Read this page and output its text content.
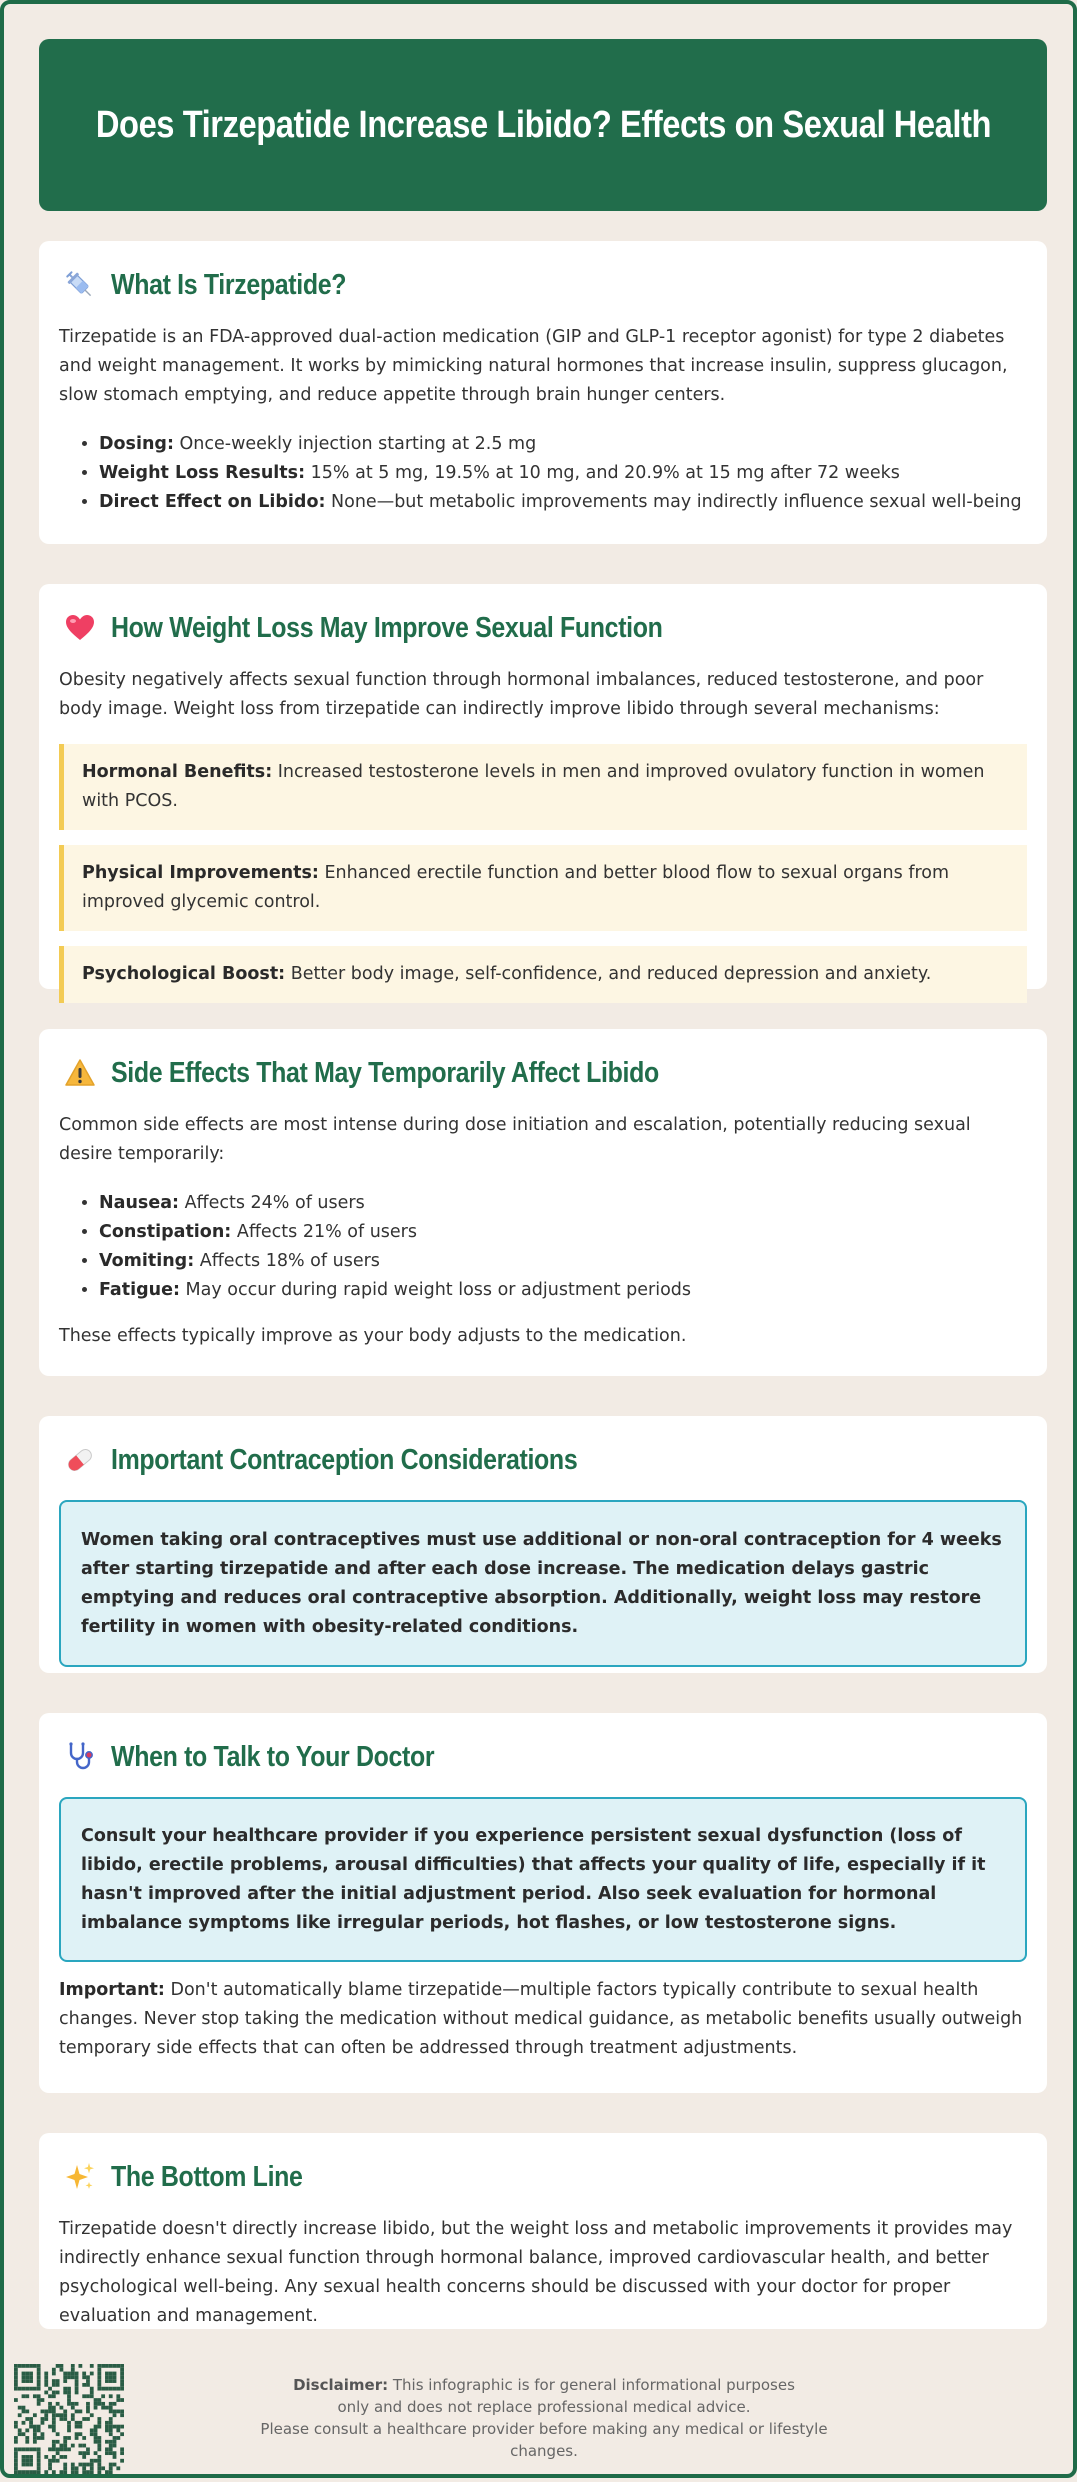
Does Tirzepatide Increase Libido? Effects on Sexual Health
What Is Tirzepatide?

Tirzepatide is an FDA-approved dual-action medication (GIP and GLP-1 receptor agonist) for type 2 diabetes and weight management. It works by mimicking natural hormones that increase insulin, suppress glucagon, slow stomach emptying, and reduce appetite through brain hunger centers.

• Dosing: Once-weekly injection starting at 2.5 mg
• Weight Loss Results: 15% at 5 mg, 19.5% at 10 mg, and 20.9% at 15 mg after 72 weeks
• Direct Effect on Libido: None—but metabolic improvements may indirectly influence sexual well-being
How Weight Loss May Improve Sexual Function

Obesity negatively affects sexual function through hormonal imbalances, reduced testosterone, and poor body image. Weight loss from tirzepatide can indirectly improve libido through several mechanisms:

Hormonal Benefits: Increased testosterone levels in men and improved ovulatory function in women with PCOS.
Physical Improvements: Enhanced erectile function and better blood flow to sexual organs from improved glycemic control.
Psychological Boost: Better body image, self-confidence, and reduced depression and anxiety.
Side Effects That May Temporarily Affect Libido

Common side effects are most intense during dose initiation and escalation, potentially reducing sexual desire temporarily:

• Nausea: Affects 24% of users
• Constipation: Affects 21% of users
• Vomiting: Affects 18% of users
• Fatigue: May occur during rapid weight loss or adjustment periods

These effects typically improve as your body adjusts to the medication.

Important Contraception Considerations
Women taking oral contraceptives must use additional or non-oral contraception for 4 weeks after starting tirzepatide and after each dose increase. The medication delays gastric emptying and reduces oral contraceptive absorption. Additionally, weight loss may restore fertility in women with obesity-related conditions.
When to Talk to Your Doctor
Consult your healthcare provider if you experience persistent sexual dysfunction (loss of libido, erectile problems, arousal difficulties) that affects your quality of life, especially if it hasn't improved after the initial adjustment period. Also seek evaluation for hormonal imbalance symptoms like irregular periods, hot flashes, or low testosterone signs.

Important: Don't automatically blame tirzepatide—multiple factors typically contribute to sexual health changes. Never stop taking the medication without medical guidance, as metabolic benefits usually outweigh temporary side effects that can often be addressed through treatment adjustments.

The Bottom Line

Tirzepatide doesn't directly increase libido, but the weight loss and metabolic improvements it provides may indirectly enhance sexual function through hormonal balance, improved cardiovascular health, and better psychological well-being. Any sexual health concerns should be discussed with your doctor for proper evaluation and management.

Disclaimer: This infographic is for general informational purposes
only and does not replace professional medical advice.
Please consult a healthcare provider before making any medical or lifestyle changes.
